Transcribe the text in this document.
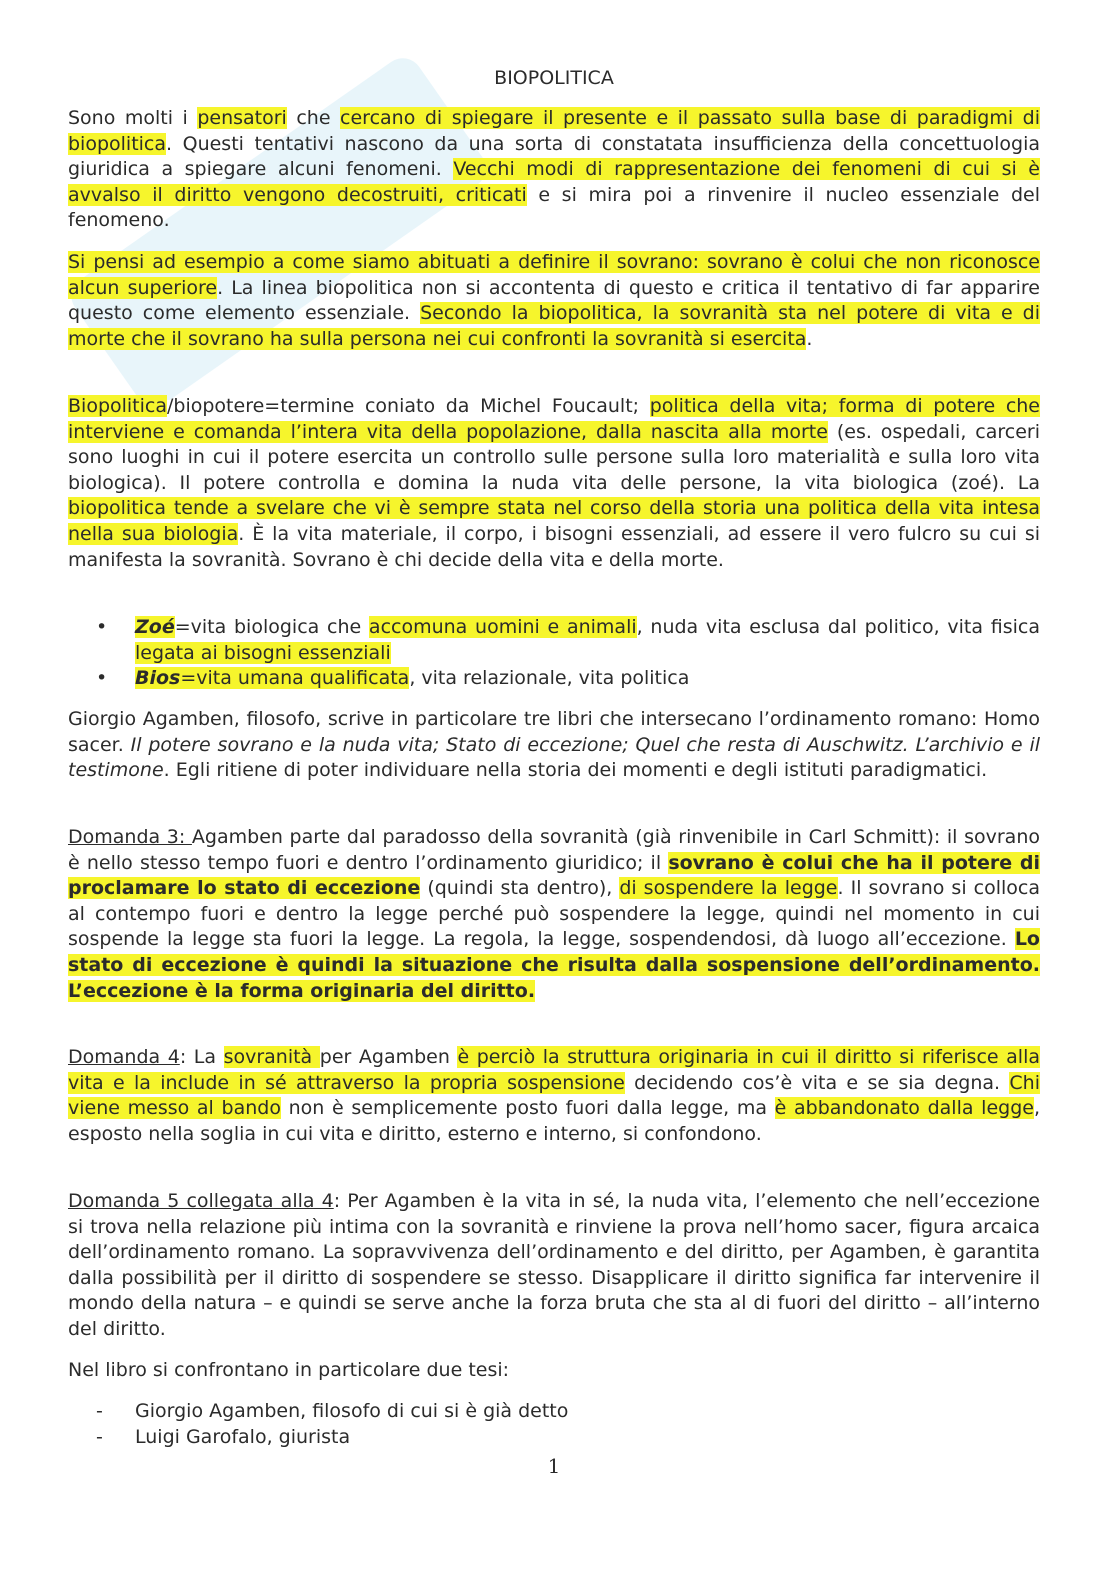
BIOPOLITICA

Sono molti i pensatori che cercano di spiegare il presente e il passato sulla base di paradigmi di biopolitica. Questi tentativi nascono da una sorta di constatata insufficienza della concettuologia giuridica a spiegare alcuni fenomeni. Vecchi modi di rappresentazione dei fenomeni di cui si è avvalso il diritto vengono decostruiti, criticati e si mira poi a rinvenire il nucleo essenziale del fenomeno.

Si pensi ad esempio a come siamo abituati a definire il sovrano: sovrano è colui che non riconosce alcun superiore. La linea biopolitica non si accontenta di questo e critica il tentativo di far apparire questo come elemento essenziale. Secondo la biopolitica, la sovranità sta nel potere di vita e di morte che il sovrano ha sulla persona nei cui confronti la sovranità si esercita.

Biopolitica/biopotere=termine coniato da Michel Foucault; politica della vita; forma di potere che interviene e comanda l’intera vita della popolazione, dalla nascita alla morte (es. ospedali, carceri sono luoghi in cui il potere esercita un controllo sulle persone sulla loro materialità e sulla loro vita biologica). Il potere controlla e domina la nuda vita delle persone, la vita biologica (zoé). La biopolitica tende a svelare che vi è sempre stata nel corso della storia una politica della vita intesa nella sua biologia. È la vita materiale, il corpo, i bisogni essenziali, ad essere il vero fulcro su cui si manifesta la sovranità. Sovrano è chi decide della vita e della morte.

• Zoé=vita biologica che accomuna uomini e animali, nuda vita esclusa dal politico, vita fisica legata ai bisogni essenziali
• Bios=vita umana qualificata, vita relazionale, vita politica

Giorgio Agamben, filosofo, scrive in particolare tre libri che intersecano l’ordinamento romano: Homo sacer. Il potere sovrano e la nuda vita; Stato di eccezione; Quel che resta di Auschwitz. L’archivio e il testimone. Egli ritiene di poter individuare nella storia dei momenti e degli istituti paradigmatici.

Domanda 3: Agamben parte dal paradosso della sovranità (già rinvenibile in Carl Schmitt): il sovrano è nello stesso tempo fuori e dentro l’ordinamento giuridico; il sovrano è colui che ha il potere di proclamare lo stato di eccezione (quindi sta dentro), di sospendere la legge. Il sovrano si colloca al contempo fuori e dentro la legge perché può sospendere la legge, quindi nel momento in cui sospende la legge sta fuori la legge. La regola, la legge, sospendendosi, dà luogo all’eccezione. Lo stato di eccezione è quindi la situazione che risulta dalla sospensione dell’ordinamento. L’eccezione è la forma originaria del diritto.

Domanda 4: La sovranità per Agamben è perciò la struttura originaria in cui il diritto si riferisce alla vita e la include in sé attraverso la propria sospensione decidendo cos’è vita e se sia degna. Chi viene messo al bando non è semplicemente posto fuori dalla legge, ma è abbandonato dalla legge, esposto nella soglia in cui vita e diritto, esterno e interno, si confondono.

Domanda 5 collegata alla 4: Per Agamben è la vita in sé, la nuda vita, l’elemento che nell’eccezione si trova nella relazione più intima con la sovranità e rinviene la prova nell’homo sacer, figura arcaica dell’ordinamento romano. La sopravvivenza dell’ordinamento e del diritto, per Agamben, è garantita dalla possibilità per il diritto di sospendere se stesso. Disapplicare il diritto significa far intervenire il mondo della natura – e quindi se serve anche la forza bruta che sta al di fuori del diritto – all’interno del diritto.

Nel libro si confrontano in particolare due tesi:

- Giorgio Agamben, filosofo di cui si è già detto
- Luigi Garofalo, giurista
1
